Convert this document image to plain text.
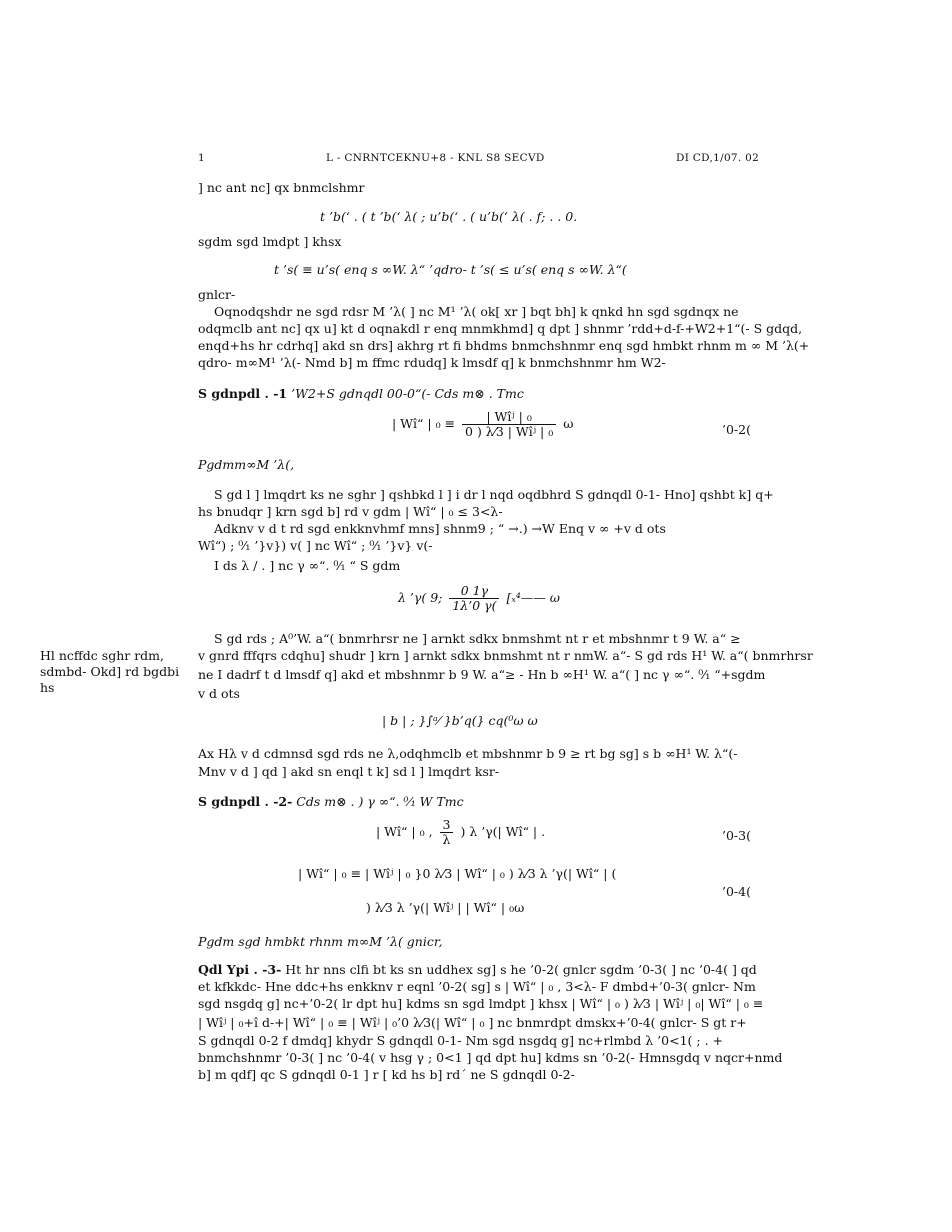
1	L - CNRNTCEKNU+8 - KNL S8 SECVD	DI CD,1/07. 02
] nc ant nc] qx bnmclshmr
t ’b(‘ . ( t ’b(‘ λ( ; u’b(‘ . ( u’b(‘ λ( . f; . . 0.
sgdm sgd lmdpt ] khsx
t ’s( ≡ u’s( enq s ∞W. λ“ ’qdro- t ’s( ≤ u’s( enq s ∞W. λ“(
gnlcr-
Oqnodqshdr ne sgd rdsr M ’λ( ] nc M¹ ’λ( ok[ xr ] bqt bh] k qnkd hn sgd sgdnqx ne
odqmclb ant nc] qx u] kt d oqnakdl r enq mnmkhmd] q dpt ] shnmr ’rdd+d-f-+W2+1“(- S gdqd,
enqd+hs hr cdrhq] akd sn drs] akhrg rt fi bhdms bnmchshnmr enq sgd hmbkt rhnm m ∞ M ’λ(+
qdro- m∞M¹ ’λ(- Nmd b] m ffmc rdudq] k lmsdf q] k bnmchshnmr hm W2-
S gdnpdl . -1 ’W2+S gdnqdl 00-0“(- Cds m⊗ . Tmc
| Wî“ | $_0 \equiv \frac{\text{| Wîʲ | ₀}}{\text{0 ) λ⁄3 | Wîʲ | ₀}}$ ω	’0-2(
Pgdmm∞M ’λ(,
S gd l ] lmqdrt ks ne sghr ] qshbkd l ] i dr l nqd oqdbhrd S gdnqdl 0-1- Hno] qshbt k] q+
hs bnudqr ] krn sgd b] rd v gdm | Wî“ | ₀ ≤ 3<λ-
Adknv v d t rd sgd enkknvhmf mns] shnm9 ; “ →.) →W Enq v ∞ +v d ots
Wî“) ; ⁰⁄₁ ’}v}) v( ] nc Wî“ ; ⁰⁄₁ ’}v} v(-
I ds λ / . ] nc γ ∞“. ⁰⁄₁ “ S gdm
λ ’γ( 9; $\frac{0 1\gamma}{1\lambda’0 \gamma(}$ [ₓ⁴—— ω
S gd rds ; A⁰’W. a“( bnmrhrsr ne ] arnkt sdkx bnmshmt nt r et mbshnmr t 9 W. a“ ≥
v gnrd fffqrs cdqhu] shudr ] krn ] arnkt sdkx bnmshmt nt r nmW. a“- S gd rds H¹ W. a“( bnmrhrsr
ne I dadrf t d lmsdf q] akd et mbshnmr b 9 W. a“≥ - Hn b ∞H¹ W. a“( ] nc γ ∞“. ⁰⁄₁ “+sgdm
v d ots
Hl ncffdc sghr rdm,
sdmbd- Okd] rd bgdbi
hs
| b | ; }∫ᵃ⁄ }b’q(} cq(⁰ω ω
Ax Hλ v d cdmnsd sgd rds ne λ,odqhmclb et mbshnmr b 9 ≥ rt bg sg] s b ∞H¹ W. λ“(-
Mnv v d ] qd ] akd sn enql t k] sd l ] lmqdrt ksr-
S gdnpdl . -2- Cds m⊗ . ) γ ∞“. ⁰⁄₁ W Tmc
| Wî“ | ₀ , $\frac{3}{\lambda}$ ) λ ’γ(| Wî“ | .	’0-3(
| Wî“ | ₀ ≡ | Wîʲ | ₀ }0 λ⁄3 | Wî“ | ₀ ) λ⁄3 λ ’γ(| Wî“ | (
) λ⁄3 λ ’γ(| Wîʲ | | Wî“ | ₀ω
’0-4(
Pgdm sgd hmbkt rhnm m∞M ’λ( gnicr,
Qdl Ypi . -3- Ht hr nns clfi bt ks sn uddhex sg] s he ’0-2( gnlcr sgdm ’0-3( ] nc ’0-4( ] qd
et kfkkdc- Hne ddc+hs enkknv r eqnl ’0-2( sg] s | Wî“ | ₀ , 3<λ- F dmbd+’0-3( gnlcr- Nm
sgd nsgdq g] nc+’0-2( lr dpt hu] kdms sn sgd lmdpt ] khsx | Wî“ | ₀ ) λ⁄3 | Wîʲ | ₀| Wî“ | ₀ ≡
| Wîʲ | ₀+î d-+| Wî“ | ₀ ≡ | Wîʲ | ₀’0 λ⁄3(| Wî“ | ₀ ] nc bnmrdpt dmskx+’0-4( gnlcr- S gt r+
S gdnqdl 0-2 f dmdq] khydr S gdnqdl 0-1- Nm sgd nsgdq g] nc+rlmbd λ ’0<1( ; . +
bnmchshnmr ’0-3( ] nc ’0-4( v hsg γ ; 0<1 ] qd dpt hu] kdms sn ’0-2(- Hmnsgdq v nqcr+nmd
b] m qdf] qc S gdnqdl 0-1 ] r [ kd hs b] rd´ ne S gdnqdl 0-2-
